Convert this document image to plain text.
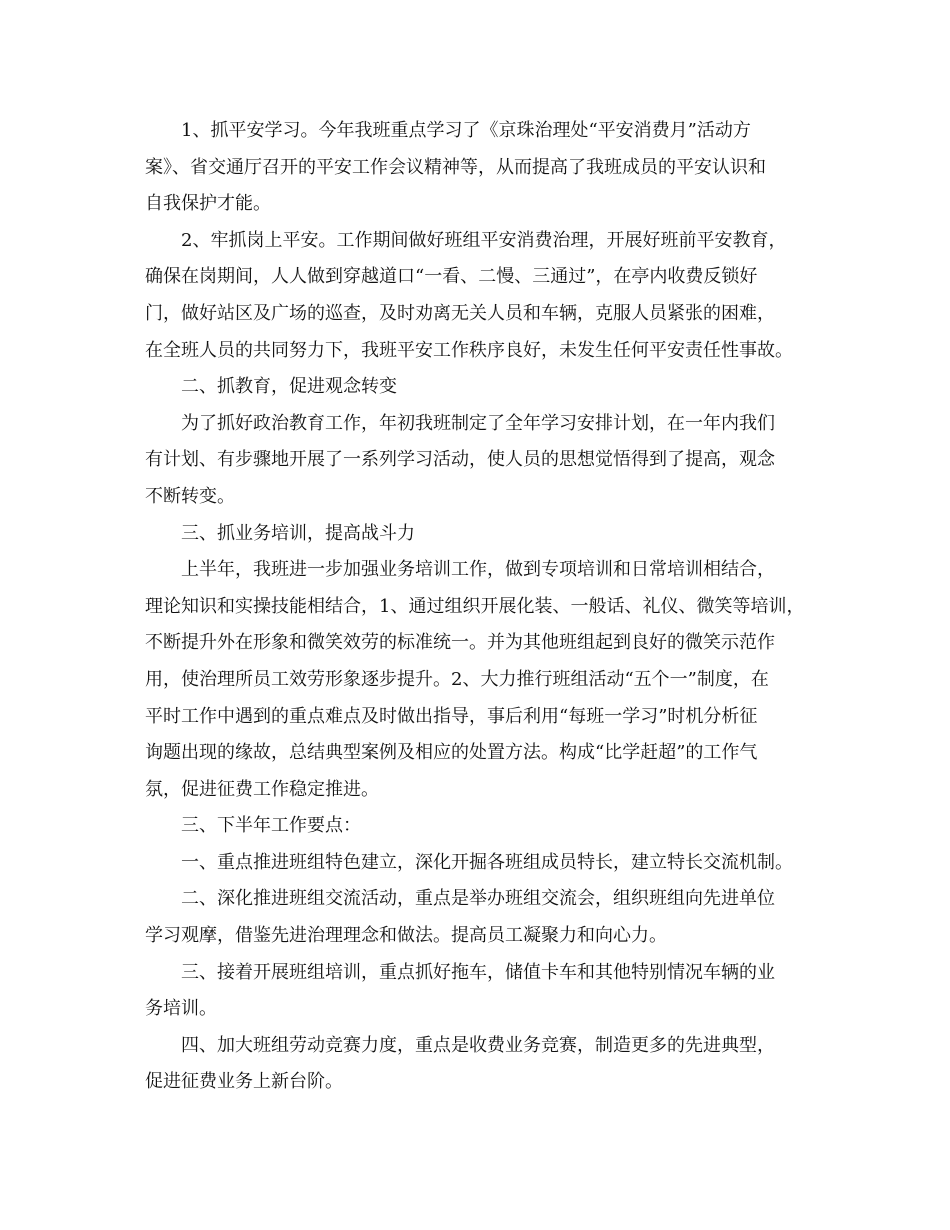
1、抓平安学习。今年我班重点学习了《京珠治理处“平安消费月”活动方
案》、省交通厅召开的平安工作会议精神等，从而提高了我班成员的平安认识和
自我保护才能。

2、牢抓岗上平安。工作期间做好班组平安消费治理，开展好班前平安教育，
确保在岗期间，人人做到穿越道口“一看、二慢、三通过”，在亭内收费反锁好
门，做好站区及广场的巡查，及时劝离无关人员和车辆，克服人员紧张的困难，
在全班人员的共同努力下，我班平安工作秩序良好，未发生任何平安责任性事故。

二、抓教育，促进观念转变

为了抓好政治教育工作，年初我班制定了全年学习安排计划，在一年内我们
有计划、有步骤地开展了一系列学习活动，使人员的思想觉悟得到了提高，观念
不断转变。

三、抓业务培训，提高战斗力

上半年，我班进一步加强业务培训工作，做到专项培训和日常培训相结合，
理论知识和实操技能相结合，1、通过组织开展化装、一般话、礼仪、微笑等培训，
不断提升外在形象和微笑效劳的标准统一。并为其他班组起到良好的微笑示范作
用，使治理所员工效劳形象逐步提升。2、大力推行班组活动“五个一”制度，在
平时工作中遇到的重点难点及时做出指导，事后利用“每班一学习”时机分析征
询题出现的缘故，总结典型案例及相应的处置方法。构成“比学赶超”的工作气
氛，促进征费工作稳定推进。

三、下半年工作要点：

一、重点推进班组特色建立，深化开掘各班组成员特长，建立特长交流机制。

二、深化推进班组交流活动，重点是举办班组交流会，组织班组向先进单位
学习观摩，借鉴先进治理理念和做法。提高员工凝聚力和向心力。

三、接着开展班组培训，重点抓好拖车，储值卡车和其他特别情况车辆的业
务培训。

四、加大班组劳动竞赛力度，重点是收费业务竞赛，制造更多的先进典型，
促进征费业务上新台阶。
